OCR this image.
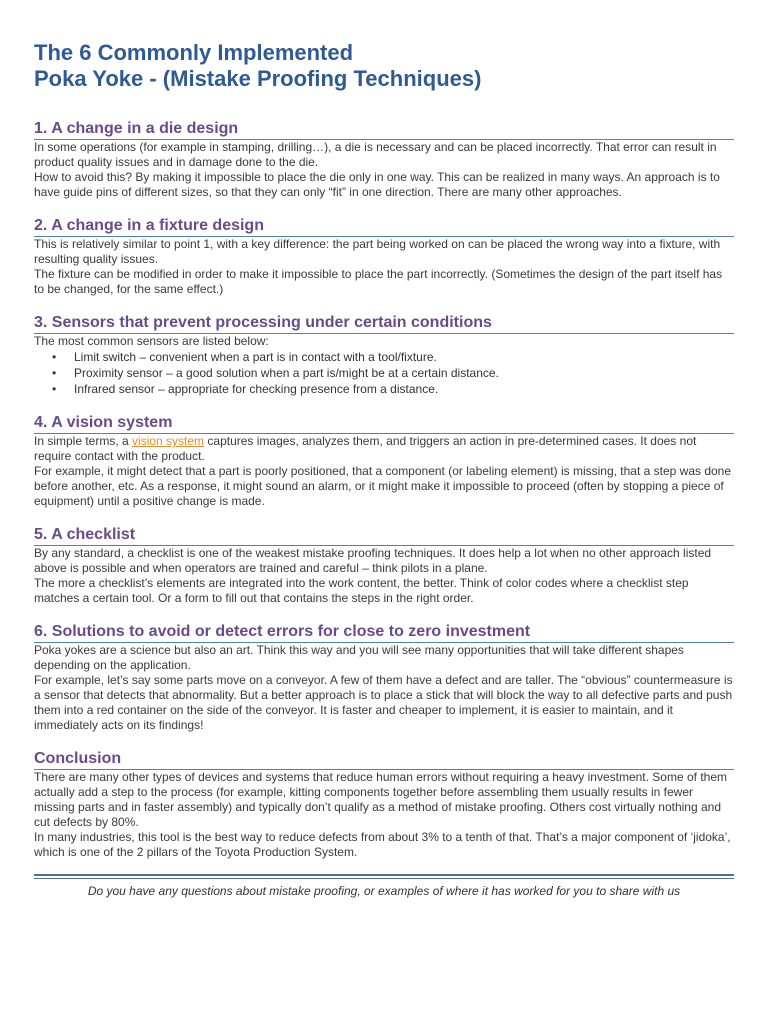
The 6 Commonly Implemented
Poka Yoke - (Mistake Proofing Techniques)
1. A change in a die design

In some operations (for example in stamping, drilling…), a die is necessary and can be placed incorrectly. That error can result in product quality issues and in damage done to the die.

How to avoid this? By making it impossible to place the die only in one way. This can be realized in many ways. An approach is to have guide pins of different sizes, so that they can only “fit” in one direction. There are many other approaches.

2. A change in a fixture design

This is relatively similar to point 1, with a key difference: the part being worked on can be placed the wrong way into a fixture, with resulting quality issues.

The fixture can be modified in order to make it impossible to place the part incorrectly. (Sometimes the design of the part itself has to be changed, for the same effect.)

3. Sensors that prevent processing under certain conditions

The most common sensors are listed below:

• Limit switch – convenient when a part is in contact with a tool/fixture.
• Proximity sensor – a good solution when a part is/might be at a certain distance.
• Infrared sensor – appropriate for checking presence from a distance.
4. A vision system

In simple terms, a vision system captures images, analyzes them, and triggers an action in pre-determined cases. It does not require contact with the product.

For example, it might detect that a part is poorly positioned, that a component (or labeling element) is missing, that a step was done before another, etc. As a response, it might sound an alarm, or it might make it impossible to proceed (often by stopping a piece of equipment) until a positive change is made.

5. A checklist

By any standard, a checklist is one of the weakest mistake proofing techniques. It does help a lot when no other approach listed above is possible and when operators are trained and careful – think pilots in a plane.

The more a checklist’s elements are integrated into the work content, the better. Think of color codes where a checklist step matches a certain tool. Or a form to fill out that contains the steps in the right order.

6. Solutions to avoid or detect errors for close to zero investment

Poka yokes are a science but also an art. Think this way and you will see many opportunities that will take different shapes depending on the application.

For example, let’s say some parts move on a conveyor. A few of them have a defect and are taller. The “obvious” countermeasure is a sensor that detects that abnormality. But a better approach is to place a stick that will block the way to all defective parts and push them into a red container on the side of the conveyor. It is faster and cheaper to implement, it is easier to maintain, and it immediately acts on its findings!

Conclusion

There are many other types of devices and systems that reduce human errors without requiring a heavy investment. Some of them actually add a step to the process (for example, kitting components together before assembling them usually results in fewer missing parts and in faster assembly) and typically don’t qualify as a method of mistake proofing. Others cost virtually nothing and cut defects by 80%.

In many industries, this tool is the best way to reduce defects from about 3% to a tenth of that. That’s a major component of ‘jidoka’, which is one of the 2 pillars of the Toyota Production System.

Do you have any questions about mistake proofing, or examples of where it has worked for you to share with us
